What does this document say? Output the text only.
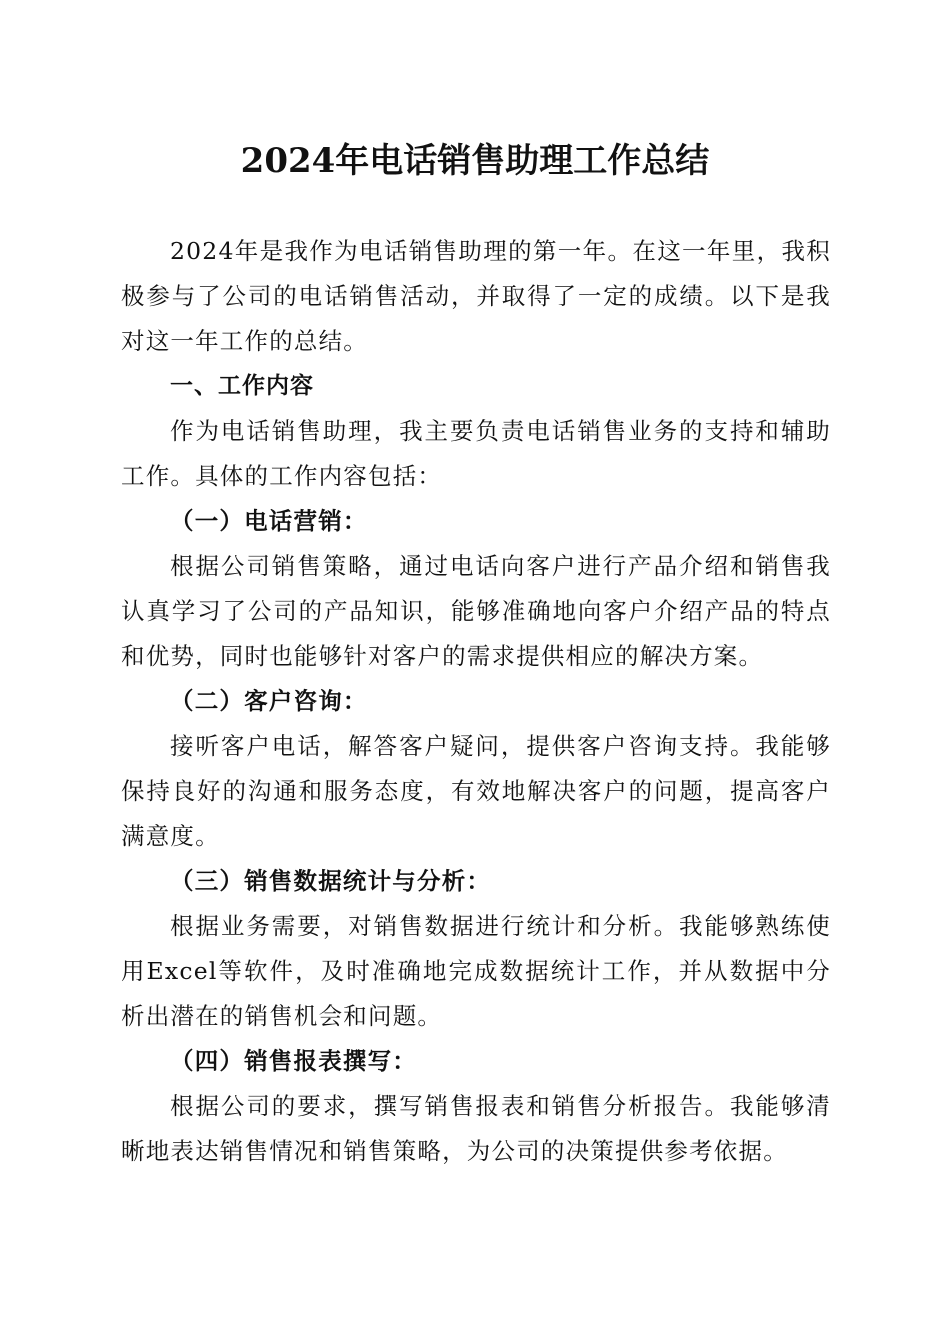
2024年电话销售助理工作总结

2024年是我作为电话销售助理的第一年。在这一年里，我积极参与了公司的电话销售活动，并取得了一定的成绩。以下是我对这一年工作的总结。

一、工作内容

作为电话销售助理，我主要负责电话销售业务的支持和辅助工作。具体的工作内容包括：

（一）电话营销：

根据公司销售策略，通过电话向客户进行产品介绍和销售我认真学习了公司的产品知识，能够准确地向客户介绍产品的特点和优势，同时也能够针对客户的需求提供相应的解决方案。

（二）客户咨询：

接听客户电话，解答客户疑问，提供客户咨询支持。我能够保持良好的沟通和服务态度，有效地解决客户的问题，提高客户满意度。

（三）销售数据统计与分析：

根据业务需要，对销售数据进行统计和分析。我能够熟练使用Excel等软件，及时准确地完成数据统计工作，并从数据中分析出潜在的销售机会和问题。

（四）销售报表撰写：

根据公司的要求，撰写销售报表和销售分析报告。我能够清晰地表达销售情况和销售策略，为公司的决策提供参考依据。
